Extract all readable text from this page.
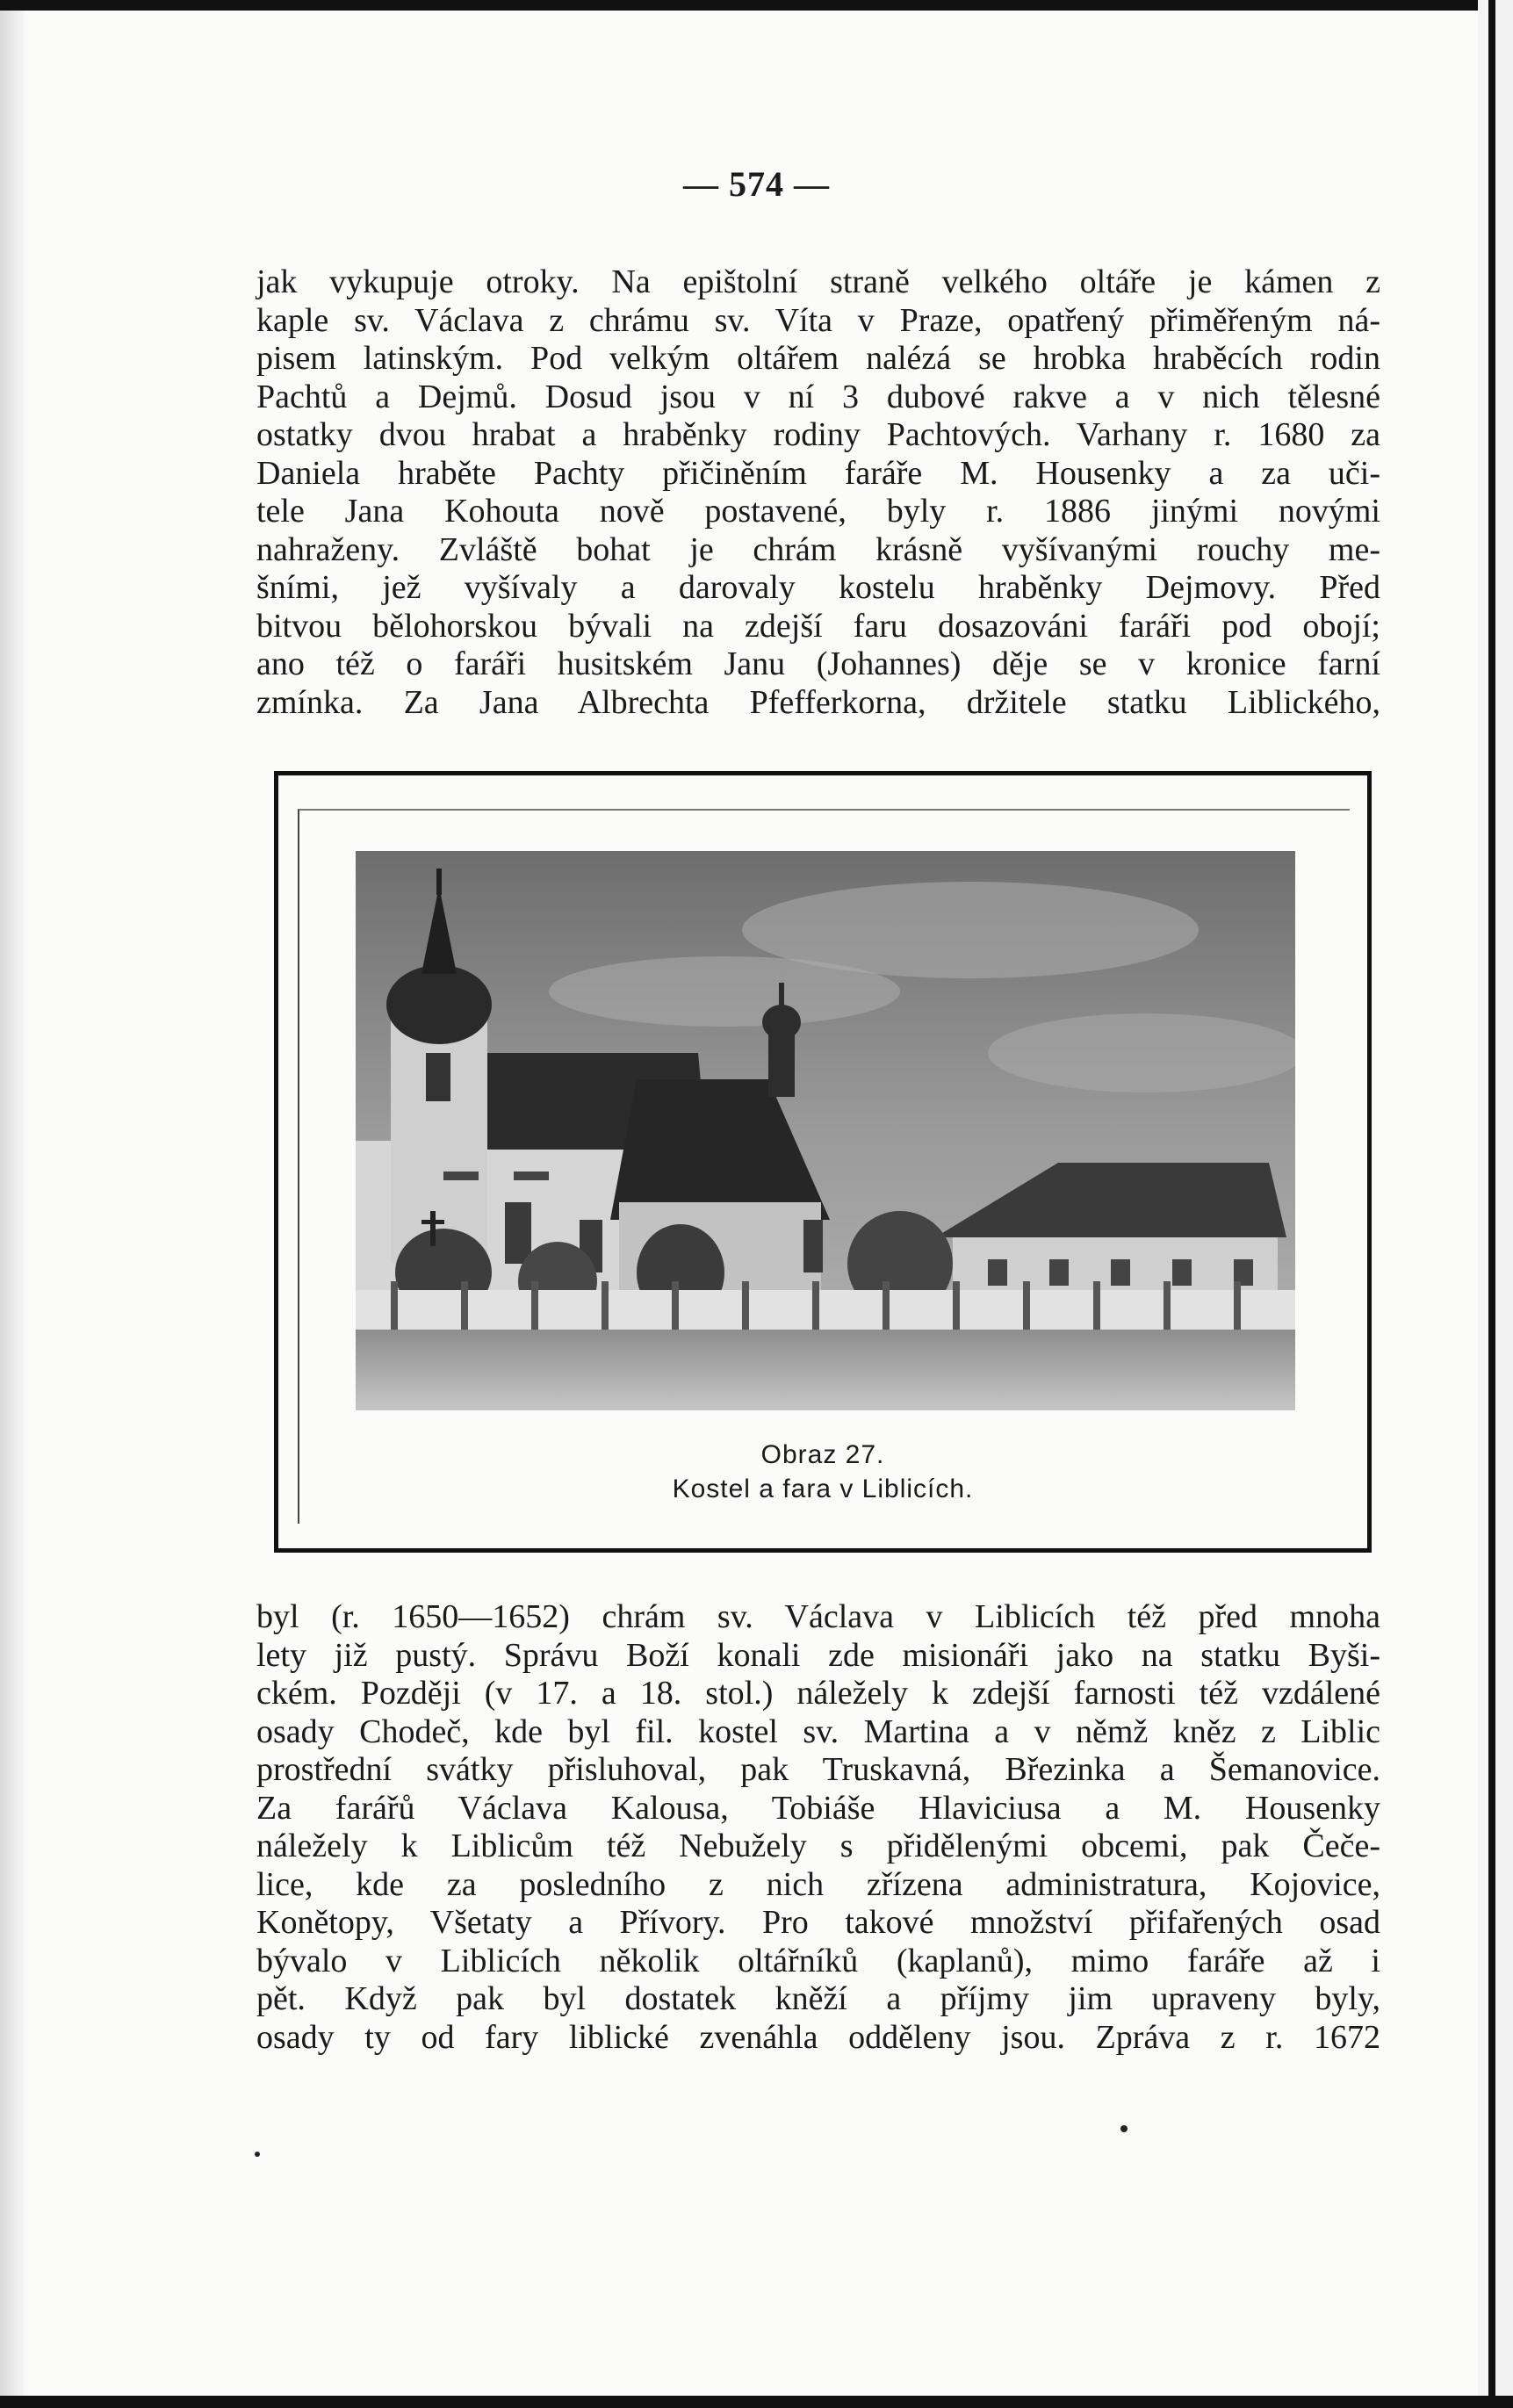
— 574 —
jak vykupuje otroky. Na epištolní straně velkého oltáře je kámen z
kaple sv. Václava z chrámu sv. Víta v Praze, opatřený přiměřeným ná-
pisem latinským. Pod velkým oltářem nalézá se hrobka hraběcích rodin
Pachtů a Dejmů. Dosud jsou v ní 3 dubové rakve a v nich tělesné
ostatky dvou hrabat a hraběnky rodiny Pachtových. Varhany r. 1680 za
Daniela hraběte Pachty přičiněním faráře M. Housenky a za uči-
tele Jana Kohouta nově postavené, byly r. 1886 jinými novými
nahraženy. Zvláště bohat je chrám krásně vyšívanými rouchy me-
šními, jež vyšívaly a darovaly kostelu hraběnky Dejmovy. Před
bitvou bělohorskou bývali na zdejší faru dosazováni faráři pod obojí;
ano též o faráři husitském Janu (Johannes) děje se v kronice farní
zmínka. Za Jana Albrechta Pfefferkorna, držitele statku Liblického,
Obraz 27.
Kostel a fara v Liblicích.
byl (r. 1650—1652) chrám sv. Václava v Liblicích též před mnoha
lety již pustý. Správu Boží konali zde misionáři jako na statku Byši-
ckém. Později (v 17. a 18. stol.) náležely k zdejší farnosti též vzdálené
osady Chodeč, kde byl fil. kostel sv. Martina a v němž kněz z Liblic
prostřední svátky přisluhoval, pak Truskavná, Březinka a Šemanovice.
Za farářů Václava Kalousa, Tobiáše Hlaviciusa a M. Housenky
náležely k Liblicům též Nebužely s přidělenými obcemi, pak Čeče-
lice, kde za posledního z nich zřízena administratura, Kojovice,
Konětopy, Všetaty a Přívory. Pro takové množství přifařených osad
bývalo v Liblicích několik oltářníků (kaplanů), mimo faráře až i
pět. Když pak byl dostatek kněží a příjmy jim upraveny byly,
osady ty od fary liblické zvenáhla odděleny jsou. Zpráva z r. 1672
